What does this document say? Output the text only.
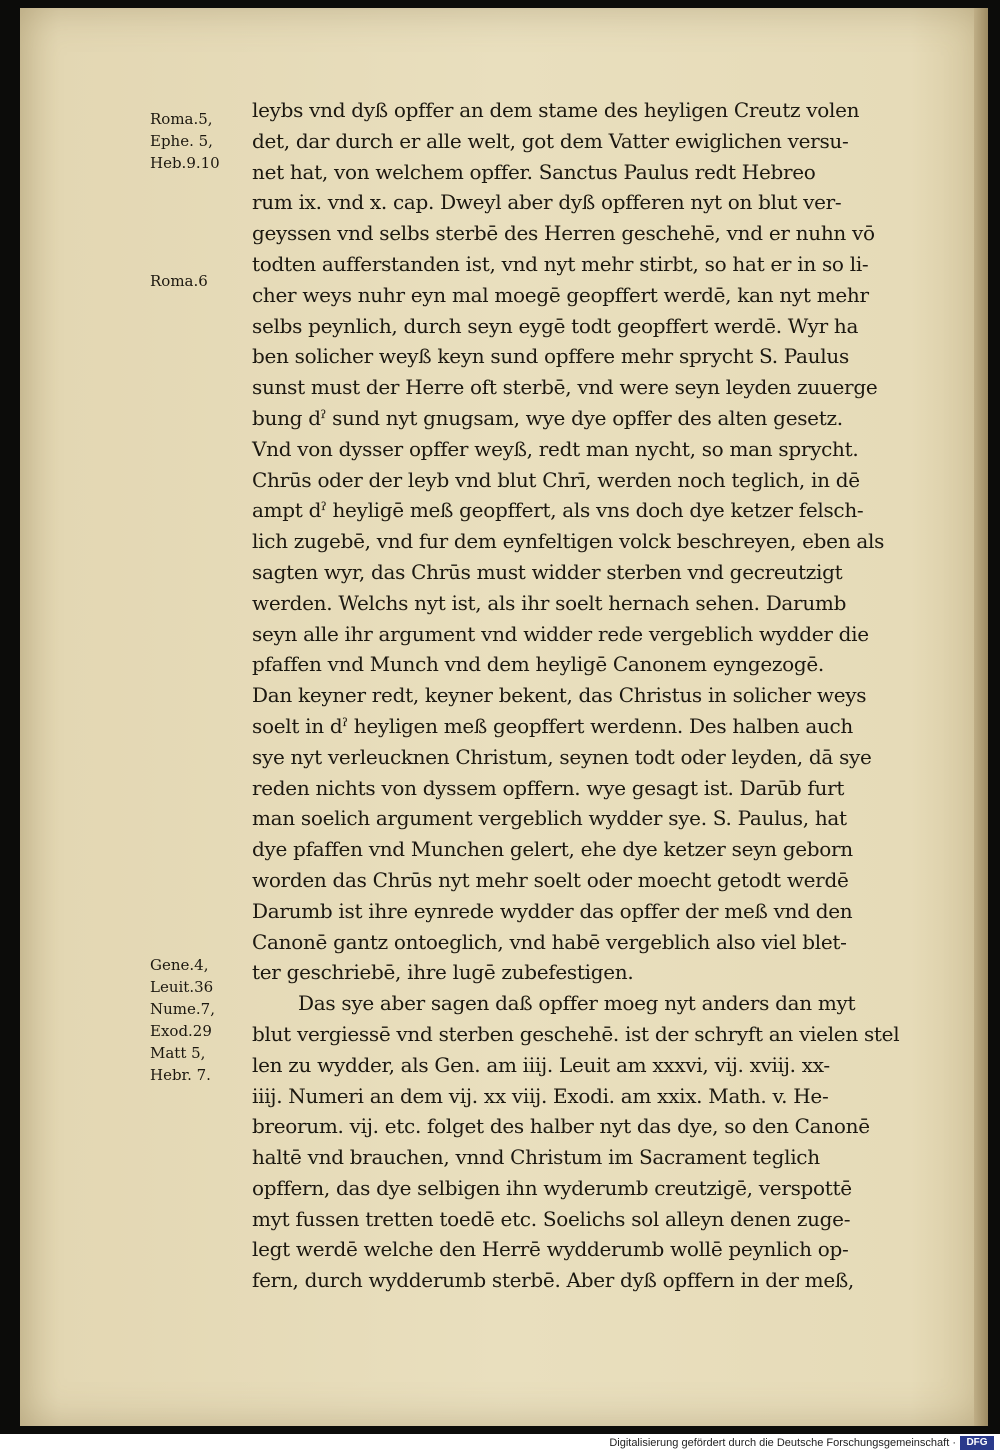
Roma.5,
Ephe. 5,
Heb.9.10
Roma.6
Gene.4,
Leuit.36
Nume.7,
Exod.29
Matt 5,
Hebr. 7.
leybs vnd dyß opffer an dem stame des heyligen Creutz volen
det, dar durch er alle welt, got dem Vatter ewiglichen versu-
net hat, von welchem opffer. Sanctus Paulus redt Hebreo
rum ix. vnd x. cap. Dweyl aber dyß opfferen nyt on blut ver-
geyssen vnd selbs sterbē des Herren geschehē, vnd er nuhn vō
todten aufferstanden ist, vnd nyt mehr stirbt, so hat er in so li-
cher weys nuhr eyn mal moegē geopffert werdē, kan nyt mehr
selbs peynlich, durch seyn eygē todt geopffert werdē. Wyr ha
ben solicher weyß keyn sund opffere mehr sprycht S. Paulus
sunst must der Herre oft sterbē, vnd were seyn leyden zuuerge
bung dˀ sund nyt gnugsam, wye dye opffer des alten gesetz.
Vnd von dysser opffer weyß, redt man nycht, so man sprycht.
Chrūs oder der leyb vnd blut Chrī, werden noch teglich, in dē
ampt dˀ heyligē meß geopffert, als vns doch dye ketzer felsch-
lich zugebē, vnd fur dem eynfeltigen volck beschreyen, eben als
sagten wyr, das Chrūs must widder sterben vnd gecreutzigt
werden. Welchs nyt ist, als ihr soelt hernach sehen. Darumb
seyn alle ihr argument vnd widder rede vergeblich wydder die
pfaffen vnd Munch vnd dem heyligē Canonem eyngezogē.
Dan keyner redt, keyner bekent, das Christus in solicher weys
soelt in dˀ heyligen meß geopffert werdenn. Des halben auch
sye nyt verleucknen Christum, seynen todt oder leyden, dā sye
reden nichts von dyssem opffern. wye gesagt ist. Darūb furt
man soelich argument vergeblich wydder sye. S. Paulus, hat
dye pfaffen vnd Munchen gelert, ehe dye ketzer seyn geborn
worden das Chrūs nyt mehr soelt oder moecht getodt werdē
Darumb ist ihre eynrede wydder das opffer der meß vnd den
Canonē gantz ontoeglich, vnd habē vergeblich also viel blet-
ter geschriebē, ihre lugē zubefestigen.
Das sye aber sagen daß opffer moeg nyt anders dan myt
blut vergiessē vnd sterben geschehē. ist der schryft an vielen stel
len zu wydder, als Gen. am iiij. Leuit am xxxvi, vij. xviij. xx-
iiij. Numeri an dem vij. xx viij. Exodi. am xxix. Math. v. He-
breorum. vij. etc. folget des halber nyt das dye, so den Canonē
haltē vnd brauchen, vnnd Christum im Sacrament teglich
opffern, das dye selbigen ihn wyderumb creutzigē, verspottē
myt fussen tretten toedē etc. Soelichs sol alleyn denen zuge-
legt werdē welche den Herrē wydderumb wollē peynlich op-
fern, durch wydderumb sterbē. Aber dyß opffern in der meß,
Digitalisierung gefördert durch die Deutsche Forschungsgemeinschaft ·	DFG
